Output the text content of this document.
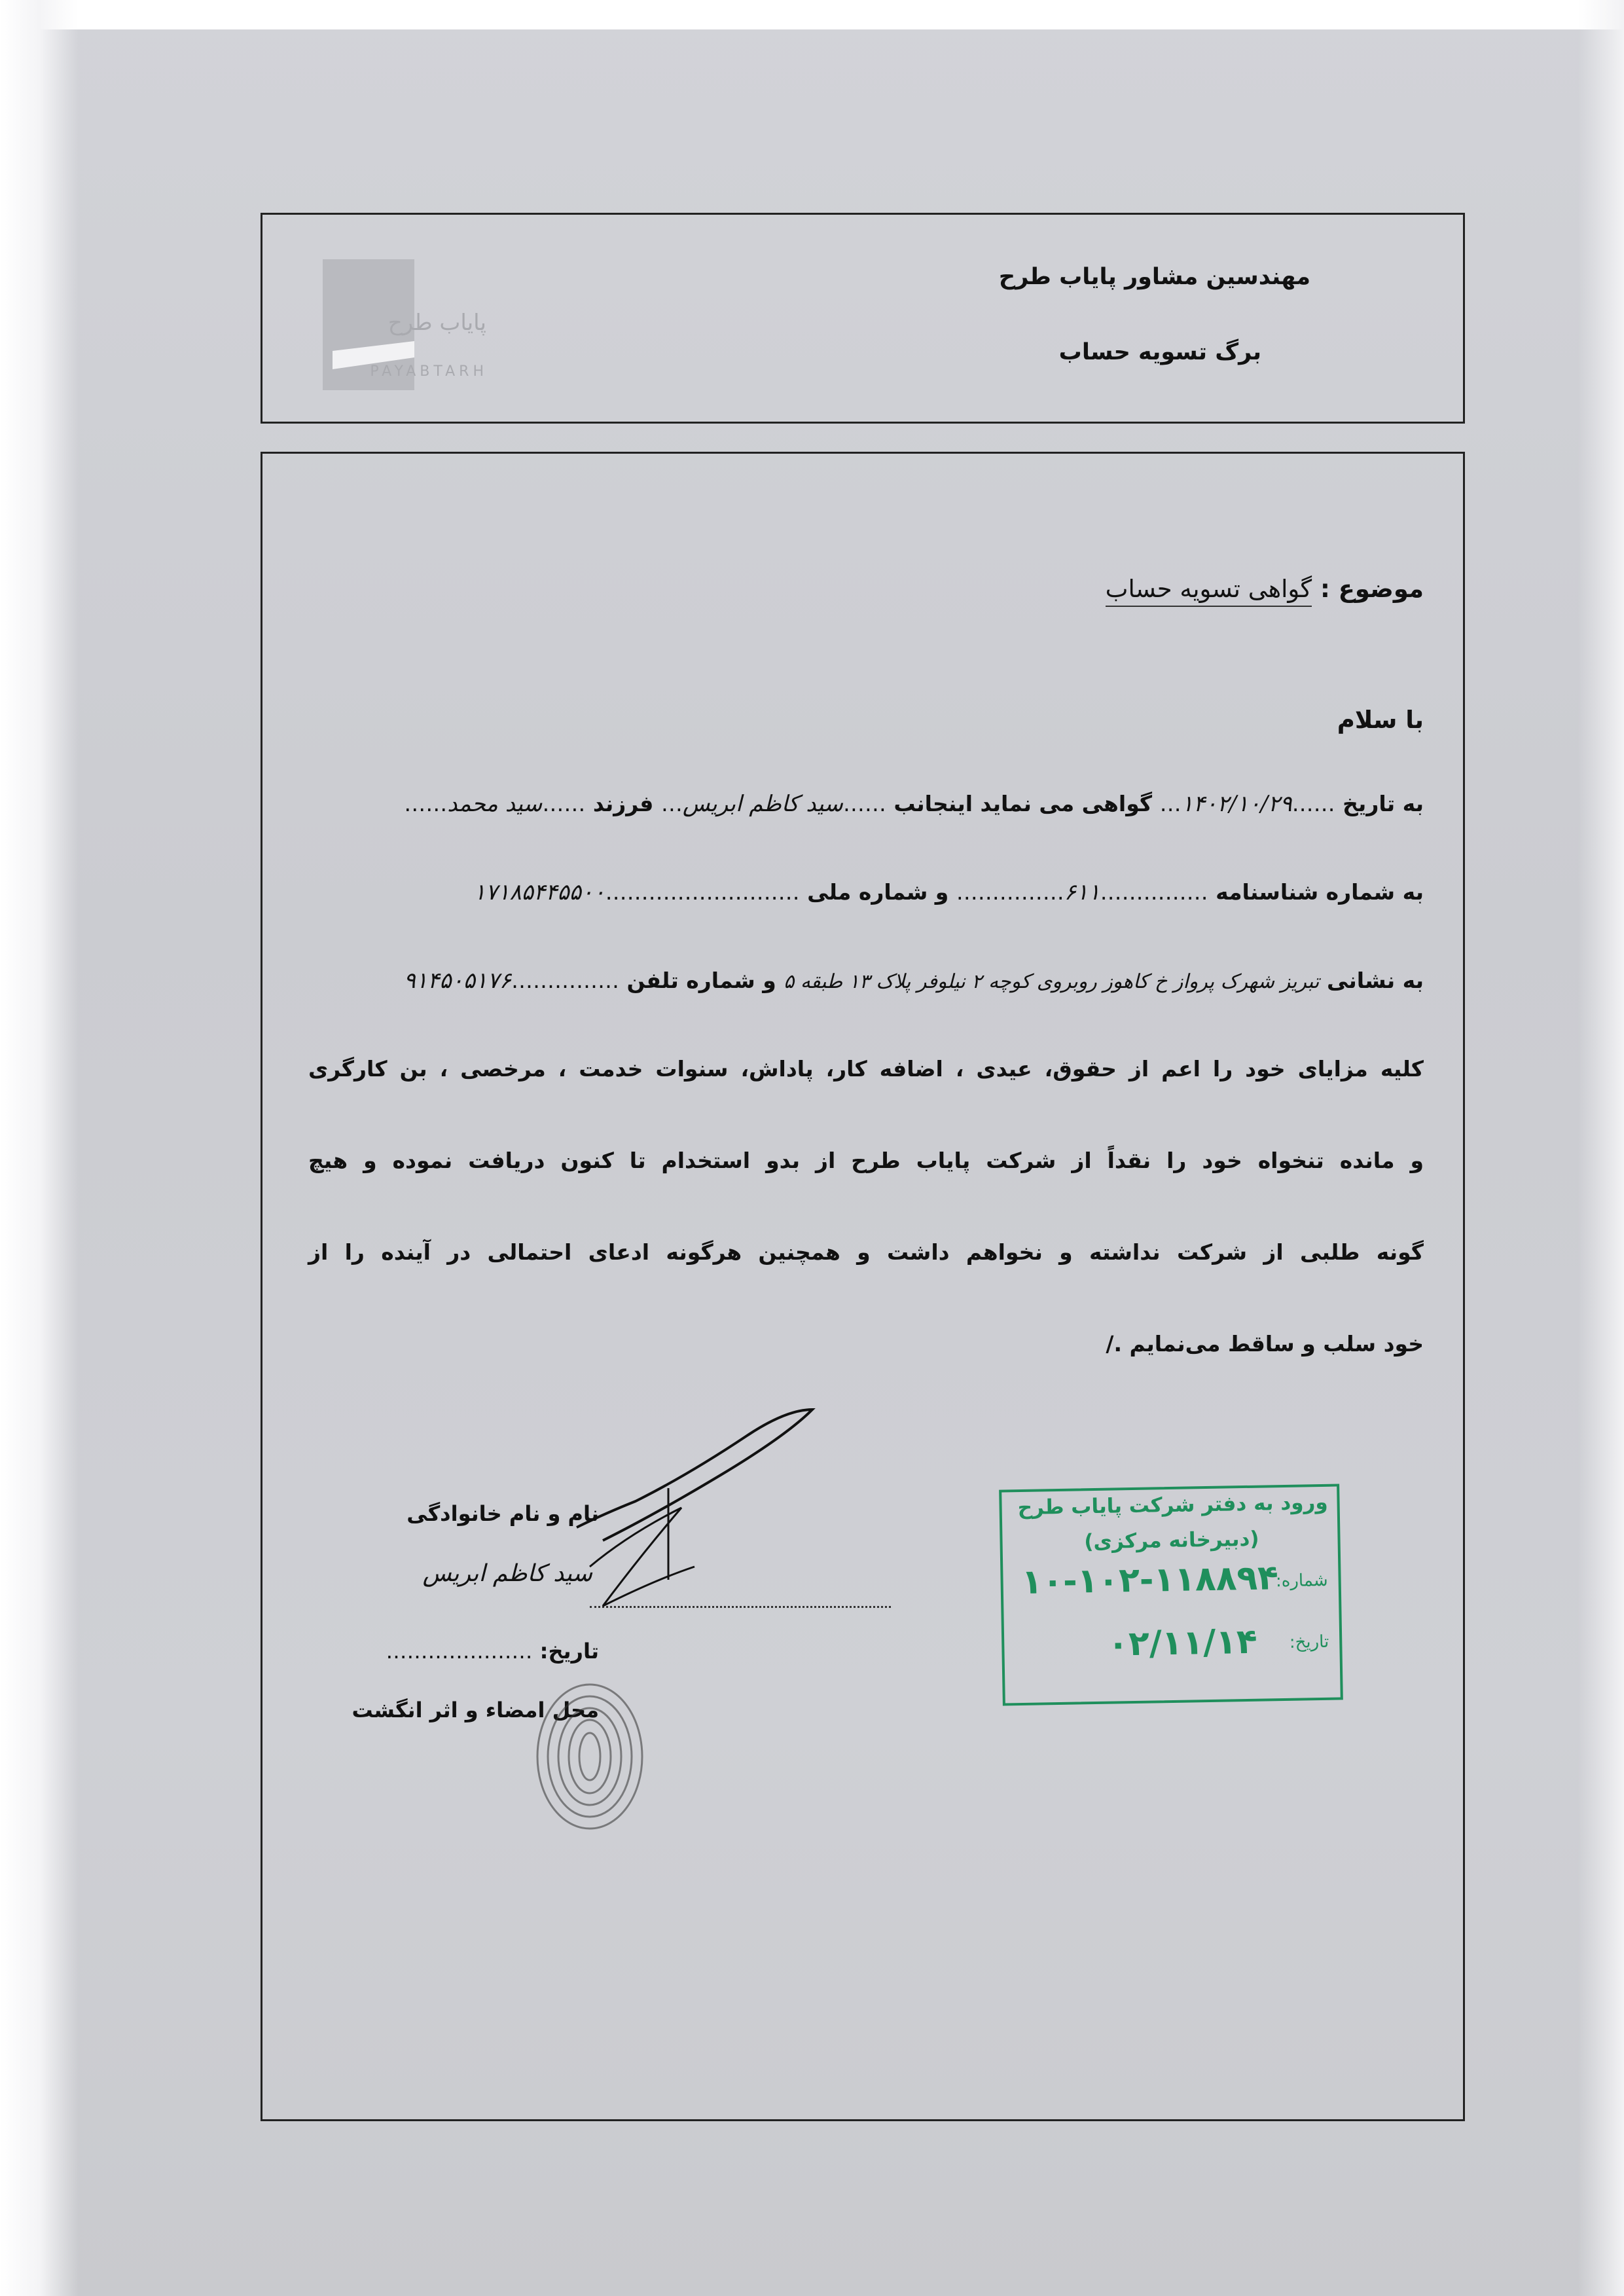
مهندسین مشاور پایاب طرح
برگ تسویه حساب
پایاب طرح
PAYABTARH
موضوع : گواهی تسویه حساب
با سلام
به تاریخ ……۱۴۰۲/۱۰/۲۹… گواهی می نماید اینجانب ……سید کاظم ابریس… فرزند ……سید محمد……
به شماره شناسنامه ……………۶۱۱…………… و شماره ملی ………………………۱۷۱۸۵۴۴۵۵۰۰
به نشانی تبریز شهرک پرواز خ کاهوز روبروی کوچه ۲ نیلوفر پلاک ۱۳ طبقه ۵ و شماره تلفن ……………۹۱۴۵۰۵۱۷۶
کلیه مزایای خود را اعم از حقوق، عیدی ، اضافه کار، پاداش، سنوات خدمت ، مرخصی ، بن کارگری
و مانده تنخواه خود را نقداً از شرکت پایاب طرح از بدو استخدام تا کنون دریافت نموده و هیچ
گونه طلبی از شرکت نداشته و نخواهم داشت و همچنین هرگونه ادعای احتمالی در آینده را از
خود سلب و ساقط می‌نمایم ./
نام و نام خانوادگی
سید کاظم ابریس
تاریخ: …………………
محل امضاء و اثر انگشت
ورود به دفتر شرکت پایاب طرح
(دبیرخانه مرکزی)
شماره:
تاریخ:
۱۰-۱۰۲-۱۱۸۸۹۴
۰۲/۱۱/۱۴
